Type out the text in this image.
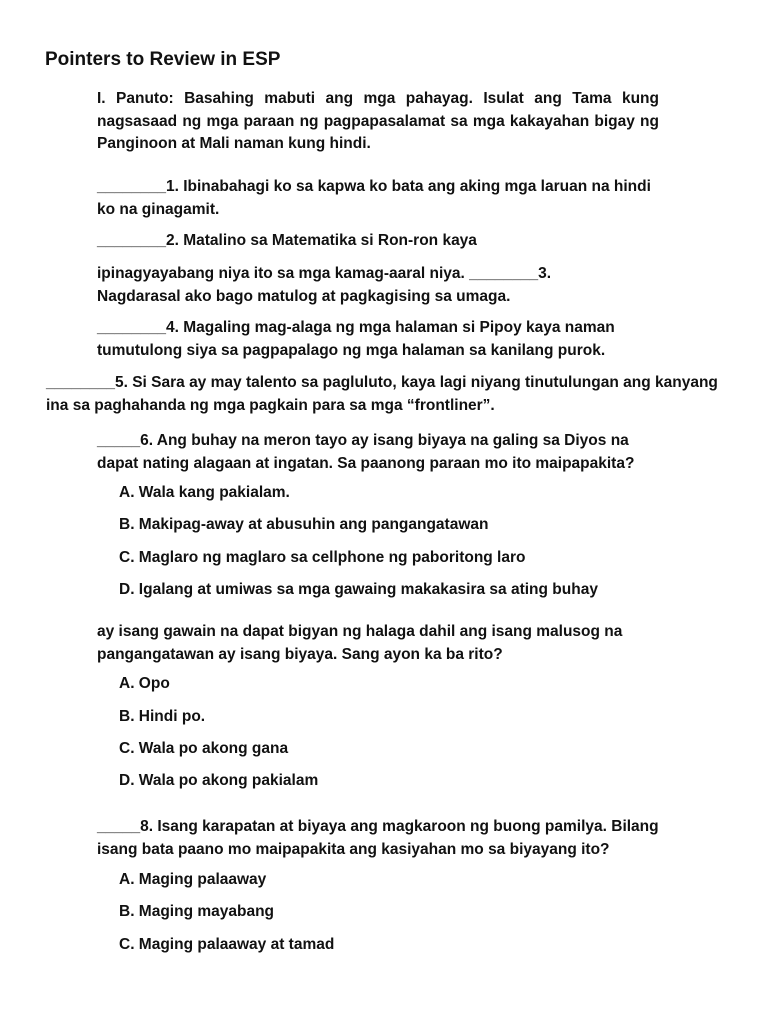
Pointers to Review in ESP
I. Panuto: Basahing mabuti ang mga pahayag. Isulat ang Tama kung
nagsasaad ng mga paraan ng pagpapasalamat sa mga kakayahan bigay ng
Panginoon at Mali naman kung hindi.
________1. Ibinabahagi ko sa kapwa ko bata ang aking mga laruan na hindi
ko na ginagamit.
________2. Matalino sa Matematika si Ron-ron kaya
ipinagyayabang niya ito sa mga kamag-aaral niya. ________3.
Nagdarasal ako bago matulog at pagkagising sa umaga.
________4. Magaling mag-alaga ng mga halaman si Pipoy kaya naman
tumutulong siya sa pagpapalago ng mga halaman sa kanilang purok.
________5. Si Sara ay may talento sa pagluluto, kaya lagi niyang tinutulungan ang kanyang
ina sa paghahanda ng mga pagkain para sa mga “frontliner”.
_____6. Ang buhay na meron tayo ay isang biyaya na galing sa Diyos na
dapat nating alagaan at ingatan. Sa paanong paraan mo ito maipapakita?
A. Wala kang pakialam.
B. Makipag-away at abusuhin ang pangangatawan
C. Maglaro ng maglaro sa cellphone ng paboritong laro
D. Igalang at umiwas sa mga gawaing makakasira sa ating buhay
ay isang gawain na dapat bigyan ng halaga dahil ang isang malusog na
pangangatawan ay isang biyaya. Sang ayon ka ba rito?
A. Opo
B. Hindi po.
C. Wala po akong gana
D. Wala po akong pakialam
_____8. Isang karapatan at biyaya ang magkaroon ng buong pamilya. Bilang
isang bata paano mo maipapakita ang kasiyahan mo sa biyayang ito?
A. Maging palaaway
B. Maging mayabang
C. Maging palaaway at tamad
